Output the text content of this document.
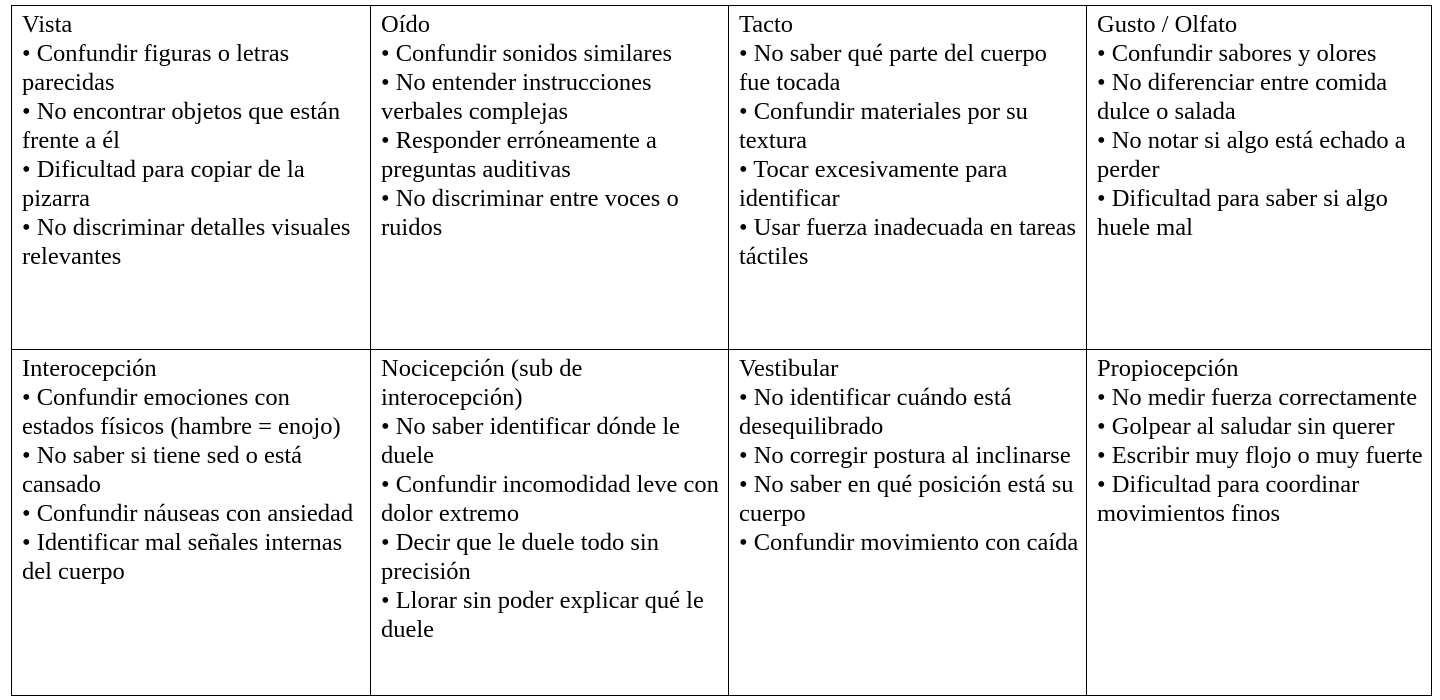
Vista
• Confundir figuras o letras parecidas
• No encontrar objetos que están frente a él
• Dificultad para copiar de la pizarra
• No discriminar detalles visuales relevantes	Oído
• Confundir sonidos similares
• No entender instrucciones verbales complejas
• Responder erróneamente a preguntas auditivas
• No discriminar entre voces o ruidos	Tacto
• No saber qué parte del cuerpo fue tocada
• Confundir materiales por su textura
• Tocar excesivamente para identificar
• Usar fuerza inadecuada en tareas táctiles	Gusto / Olfato
• Confundir sabores y olores
• No diferenciar entre comida dulce o salada
• No notar si algo está echado a perder
• Dificultad para saber si algo huele mal

Interocepción
• Confundir emociones con estados físicos (hambre = enojo)
• No saber si tiene sed o está cansado
• Confundir náuseas con ansiedad
• Identificar mal señales internas del cuerpo	Nocicepción (sub de interocepción)
• No saber identificar dónde le duele
• Confundir incomodidad leve con dolor extremo
• Decir que le duele todo sin precisión
• Llorar sin poder explicar qué le duele	Vestibular
• No identificar cuándo está desequilibrado
• No corregir postura al inclinarse
• No saber en qué posición está su cuerpo
• Confundir movimiento con caída	Propiocepción
• No medir fuerza correctamente
• Golpear al saludar sin querer
• Escribir muy flojo o muy fuerte
• Dificultad para coordinar movimientos finos
